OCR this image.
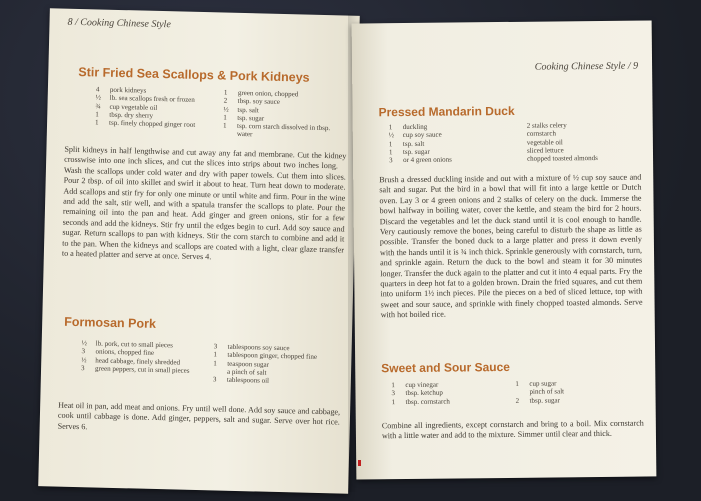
8 / Cooking Chinese Style
Stir Fried Sea Scallops & Pork Kidneys
4	pork kidneys
½	lb. sea scallops fresh or frozen
¾	cup vegetable oil
1	tbsp. dry sherry
1	tsp. finely chopped ginger root
1	green onion, chopped
2	tbsp. soy sauce
½	tsp. salt
1	tsp. sugar
1	tsp. corn starch dissolved in tbsp. water
Split kidneys in half lengthwise and cut away any fat and membrane. Cut the kidney crosswise into one inch slices, and cut the slices into strips about two inches long. Wash the scallops under cold water and dry with paper towels. Cut them into slices. Pour 2 tbsp. of oil into skillet and swirl it about to heat. Turn heat down to moderate. Add scallops and stir fry for only one minute or until white and firm. Pour in the wine and add the salt, stir well, and with a spatula transfer the scallops to plate. Pour the remaining oil into the pan and heat. Add ginger and green onions, stir for a few seconds and add the kidneys. Stir fry until the edges begin to curl. Add soy sauce and sugar. Return scallops to pan with kidneys. Stir the corn starch to combine and add it to the pan. When the kidneys and scallops are coated with a light, clear glaze transfer to a heated platter and serve at once. Serves 4.
Formosan Pork
½	lb. pork, cut to small pieces
3	onions, chopped fine
½	head cabbage, finely shredded
3	green peppers, cut in small pieces
3	tablespoons soy sauce
1	tablespoon ginger, chopped fine
1	teaspoon sugar
a pinch of salt
3	tablespoons oil
Heat oil in pan, add meat and onions. Fry until well done. Add soy sauce and cabbage, cook until cabbage is done. Add ginger, peppers, salt and sugar. Serve over hot rice. Serves 6.
Cooking Chinese Style / 9
Pressed Mandarin Duck
1	duckling
½	cup soy sauce
1	tsp. salt
1	tsp. sugar
3	or 4 green onions
2 stalks celery
cornstarch
vegetable oil
sliced lettuce
chopped toasted almonds
Brush a dressed duckling inside and out with a mixture of ½ cup soy sauce and salt and sugar. Put the bird in a bowl that will fit into a large kettle or Dutch oven. Lay 3 or 4 green onions and 2 stalks of celery on the duck. Immerse the bowl halfway in boiling water, cover the kettle, and steam the bird for 2 hours. Discard the vegetables and let the duck stand until it is cool enough to handle. Very cautiously remove the bones, being careful to disturb the shape as little as possible. Transfer the boned duck to a large platter and press it down evenly with the hands until it is ¾ inch thick. Sprinkle generously with cornstarch, turn, and sprinkle again. Return the duck to the bowl and steam it for 30 minutes longer. Transfer the duck again to the platter and cut it into 4 equal parts. Fry the quarters in deep hot fat to a golden brown. Drain the fried squares, and cut them into uniform 1½ inch pieces. Pile the pieces on a bed of sliced lettuce, top with sweet and sour sauce, and sprinkle with finely chopped toasted almonds. Serve with hot boiled rice.
Sweet and Sour Sauce
1	cup vinegar
3	tbsp. ketchup
1	tbsp. cornstarch
1	cup sugar
pinch of salt
2	tbsp. sugar
Combine all ingredients, except cornstarch and bring to a boil. Mix cornstarch with a little water and add to the mixture. Simmer until clear and thick.
